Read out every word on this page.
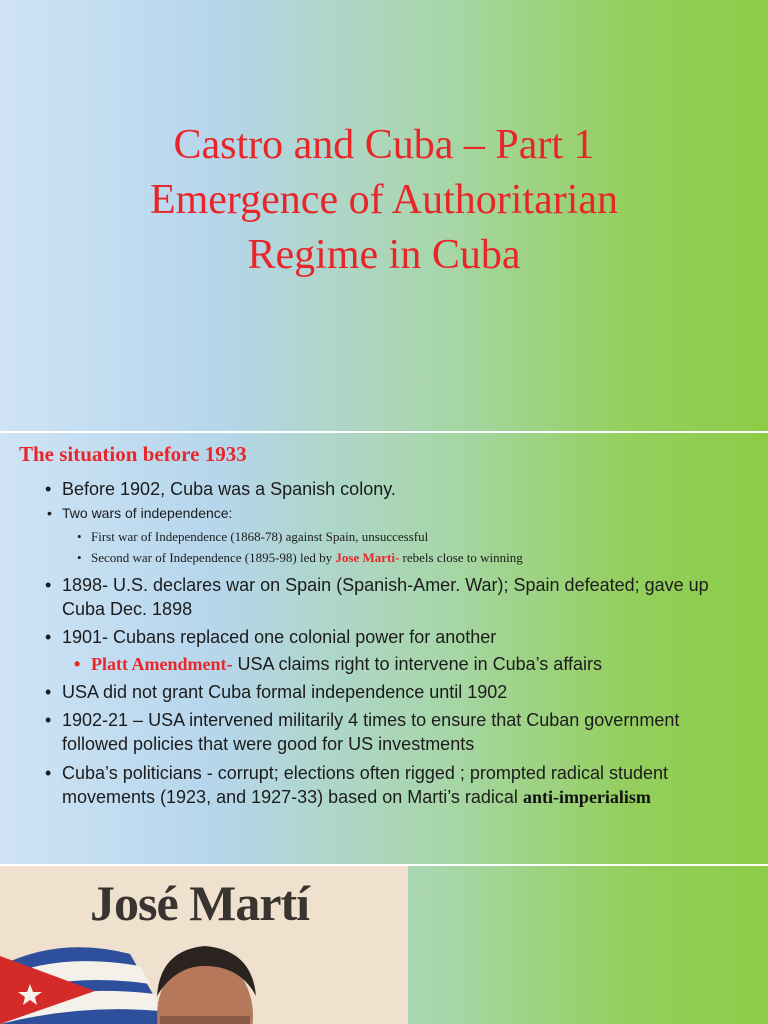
Castro and Cuba – Part 1
Emergence of Authoritarian
Regime in Cuba
The situation before 1933
• Before 1902, Cuba was a Spanish colony.
• Two wars of independence:
• First war of Independence (1868-78) against Spain, unsuccessful
• Second war of Independence (1895-98) led by Jose Marti- rebels close to winning
• 1898- U.S. declares war on Spain (Spanish-Amer. War); Spain defeated; gave up
Cuba Dec. 1898
• 1901- Cubans replaced one colonial power for another
• Platt Amendment- USA claims right to intervene in Cuba’s affairs
• USA did not grant Cuba formal independence until 1902
• 1902-21 – USA intervened militarily 4 times to ensure that Cuban government
followed policies that were good for US investments
• Cuba’s politicians - corrupt; elections often rigged ; prompted radical student
movements (1923, and 1927-33) based on Marti’s radical anti-imperialism
José Martí
